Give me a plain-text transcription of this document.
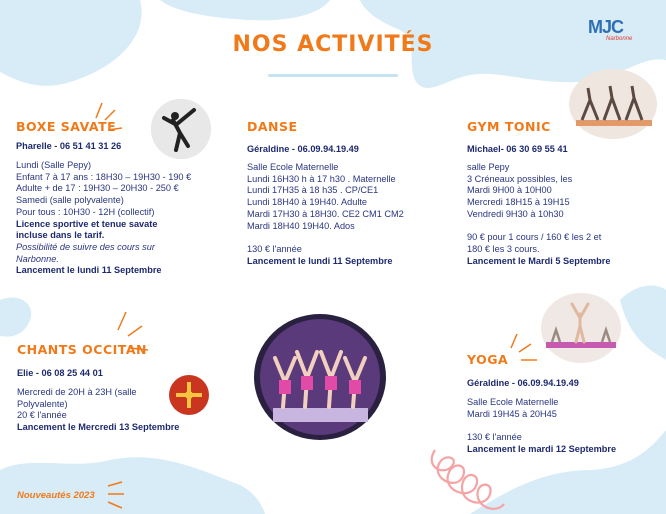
MJC
Narbonne
NOS ACTIVITÉS
BOXE SAVATE
Pharelle - 06 51 41 31 26
Lundi (Salle Pepy)
Enfant 7 à 17 ans : 18H30 – 19H30 - 190 €
Adulte + de 17 : 19H30 – 20H30 - 250 €
Samedi (salle polyvalente)
Pour tous : 10H30 - 12H (collectif)
Licence sportive et tenue savate
incluse dans le tarif.
Possibilité de suivre des cours sur
Narbonne.
Lancement le lundi 11 Septembre
DANSE
Géraldine - 06.09.94.19.49
Salle Ecole Maternelle
Lundi 16H30 h à 17 h30 . Maternelle
Lundi 17H35 à 18 h35 . CP/CE1
Lundi 18H40 à 19H40. Adulte
Mardi 17H30 à 18H30. CE2 CM1 CM2
Mardi 18H40 19H40. Ados
130 € l'année
Lancement le lundi 11 Septembre
GYM TONIC
Michael- 06 30 69 55 41
salle Pepy
3 Créneaux possibles, les
Mardi 9H00 à 10H00
Mercredi 18H15 à 19H15
Vendredi 9H30 à 10h30
90 € pour 1 cours / 160 € les 2 et
180 € les 3 cours.
Lancement le Mardi 5 Septembre
CHANTS OCCITAN
Elie - 06 08 25 44 01
Mercredi de 20H à 23H (salle
Polyvalente)
20 € l'année
Lancement le Mercredi 13 Septembre
YOGA
Géraldine - 06.09.94.19.49
Salle Ecole Maternelle
Mardi 19H45 à 20H45
130 € l'année
Lancement le mardi 12 Septembre
Nouveautés 2023
